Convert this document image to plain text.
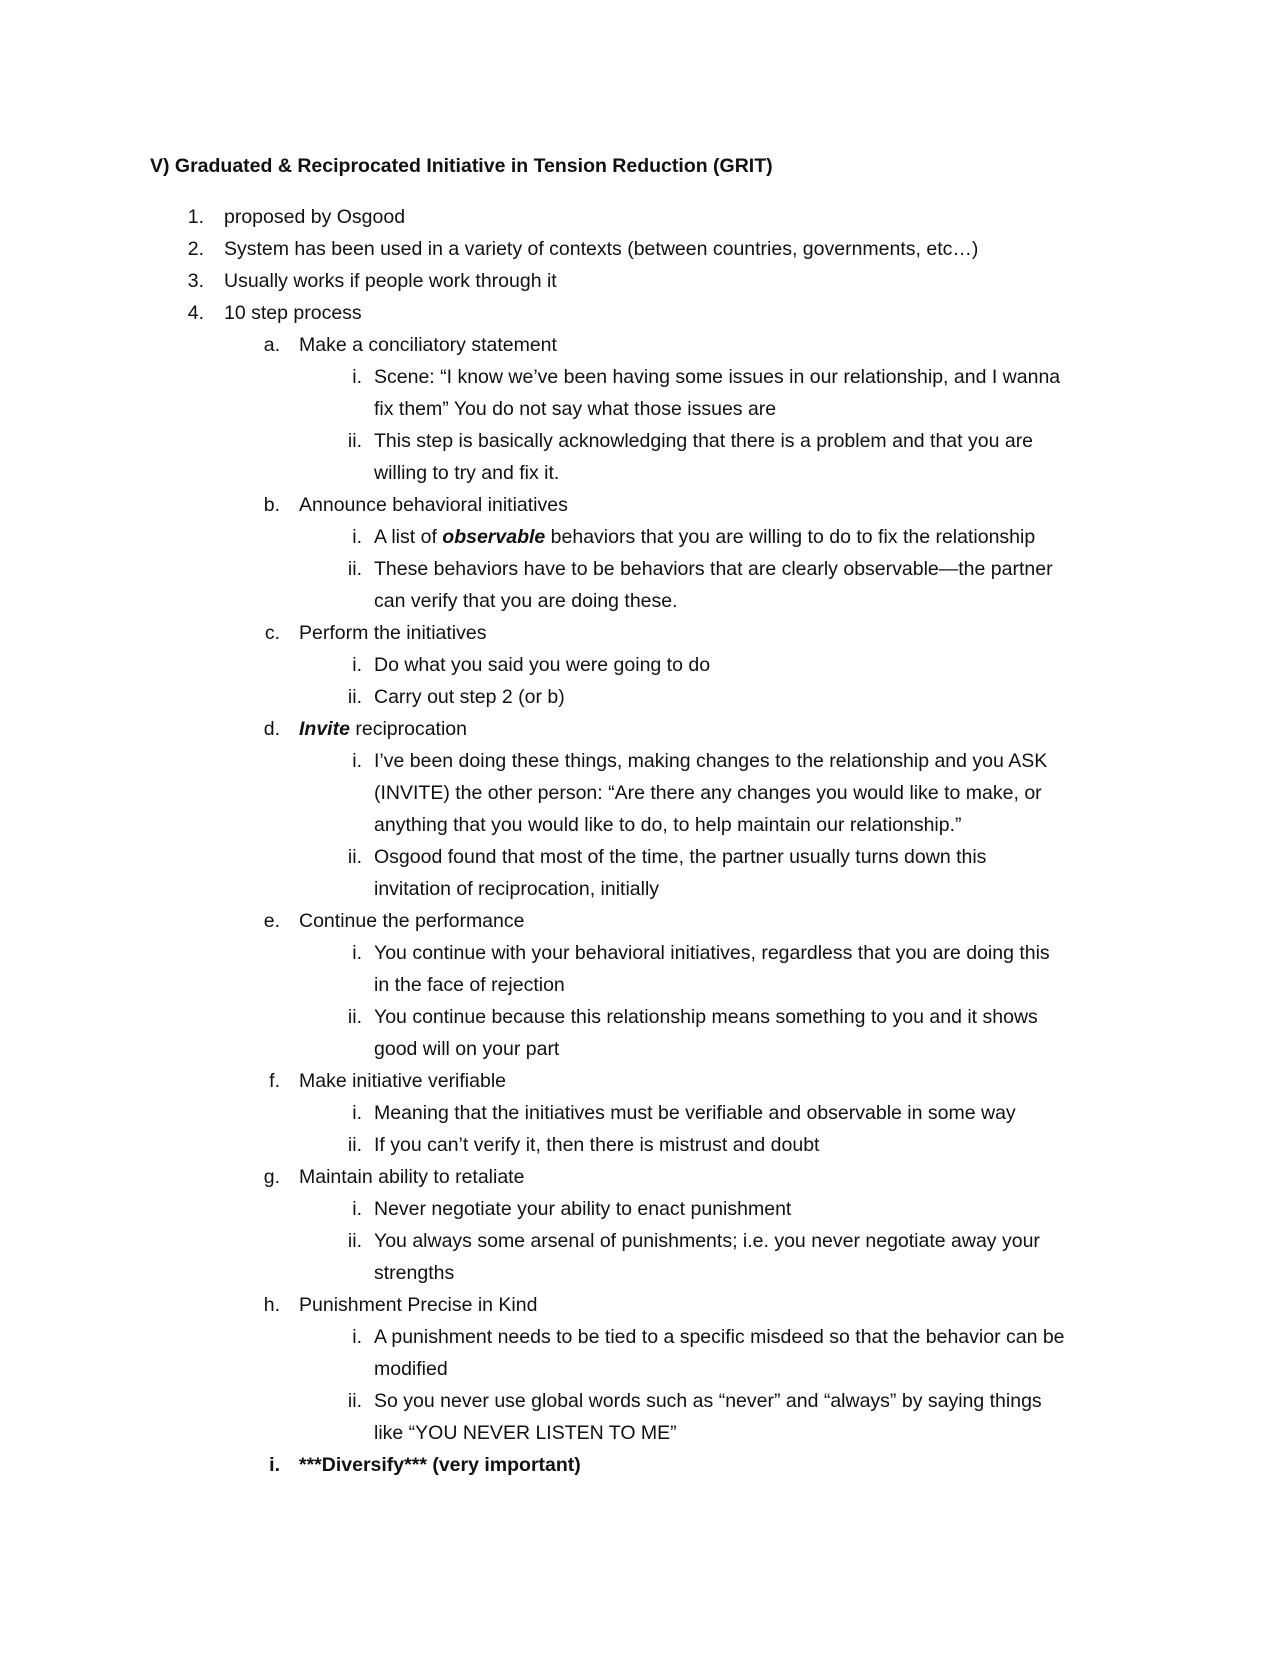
V) Graduated & Reciprocated Initiative in Tension Reduction (GRIT)
1. proposed by Osgood
2. System has been used in a variety of contexts (between countries, governments, etc…)
3. Usually works if people work through it
4. 10 step process
a. Make a conciliatory statement
i. Scene: “I know we’ve been having some issues in our relationship, and I wanna
fix them” You do not say what those issues are
ii. This step is basically acknowledging that there is a problem and that you are
willing to try and fix it.
b. Announce behavioral initiatives
i. A list of observable behaviors that you are willing to do to fix the relationship
ii. These behaviors have to be behaviors that are clearly observable—the partner
can verify that you are doing these.
c. Perform the initiatives
i. Do what you said you were going to do
ii. Carry out step 2 (or b)
d. Invite reciprocation
i. I’ve been doing these things, making changes to the relationship and you ASK
(INVITE) the other person: “Are there any changes you would like to make, or
anything that you would like to do, to help maintain our relationship.”
ii. Osgood found that most of the time, the partner usually turns down this
invitation of reciprocation, initially
e. Continue the performance
i. You continue with your behavioral initiatives, regardless that you are doing this
in the face of rejection
ii. You continue because this relationship means something to you and it shows
good will on your part
f. Make initiative verifiable
i. Meaning that the initiatives must be verifiable and observable in some way
ii. If you can’t verify it, then there is mistrust and doubt
g. Maintain ability to retaliate
i. Never negotiate your ability to enact punishment
ii. You always some arsenal of punishments; i.e. you never negotiate away your
strengths
h. Punishment Precise in Kind
i. A punishment needs to be tied to a specific misdeed so that the behavior can be
modified
ii. So you never use global words such as “never” and “always” by saying things
like “YOU NEVER LISTEN TO ME”
i. ***Diversify*** (very important)
